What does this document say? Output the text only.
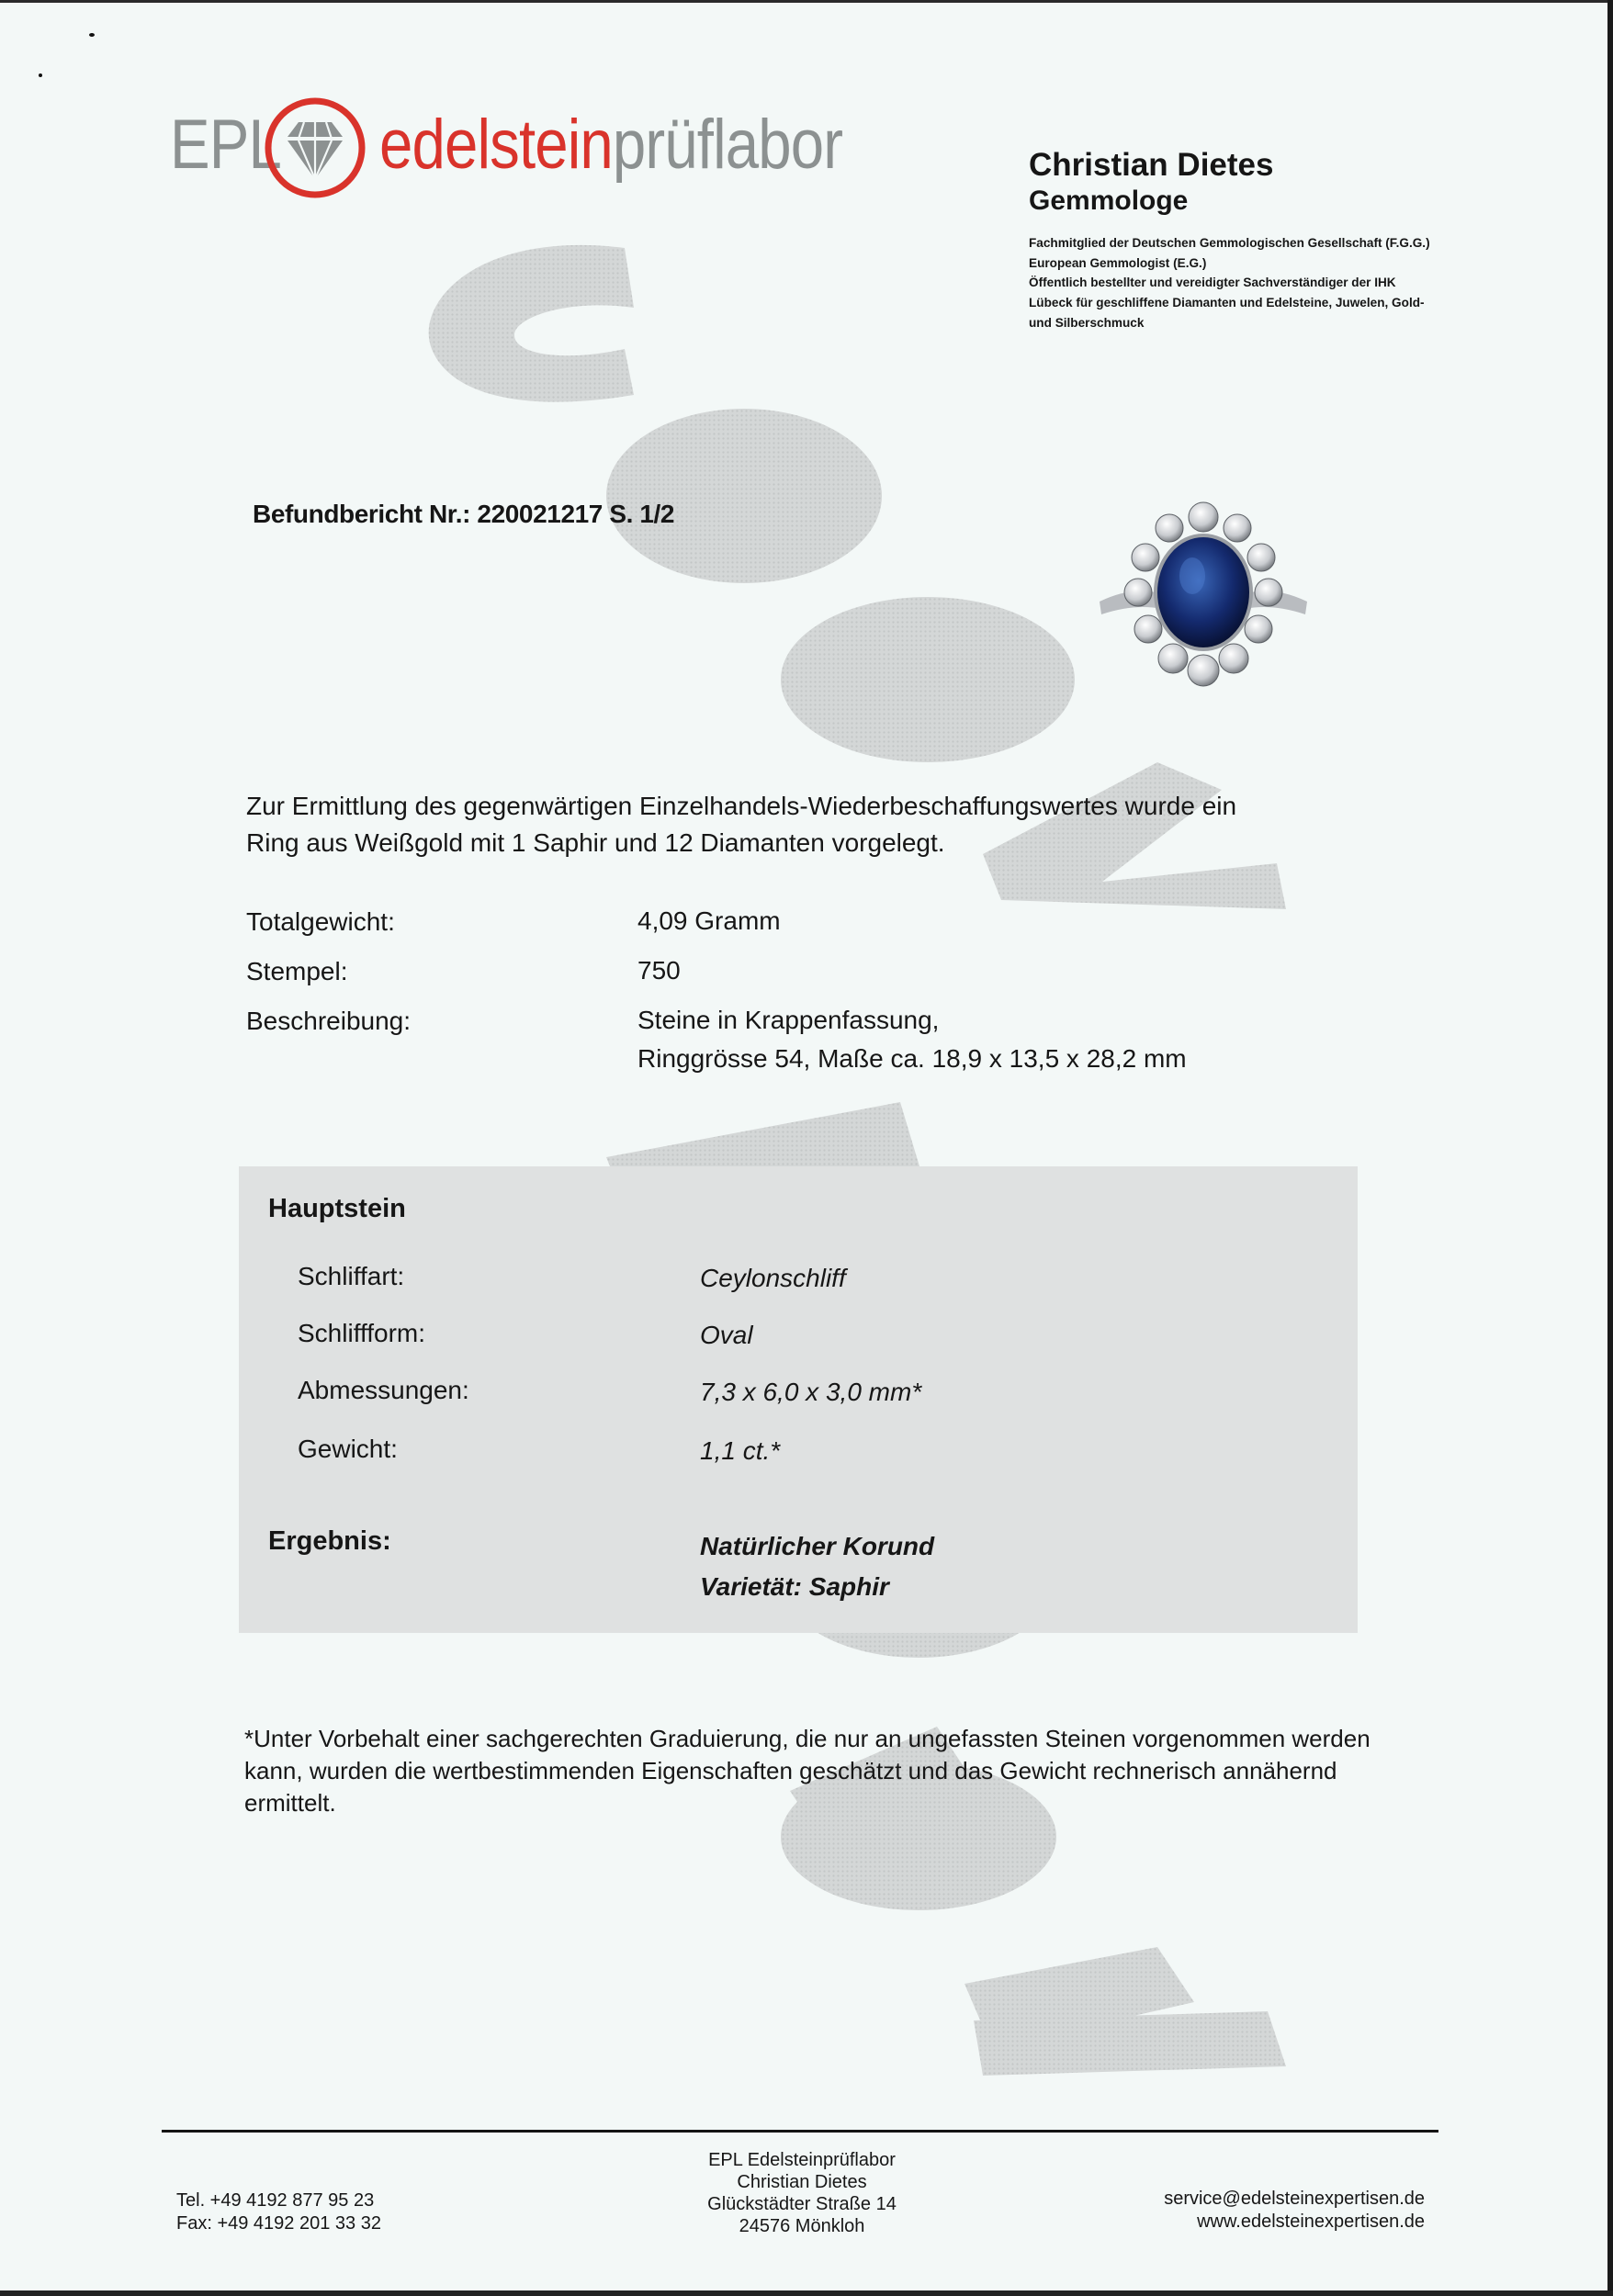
EPL edelsteinprüflabor	Christian Dietes
Gemmologe
Fachmitglied der Deutschen Gemmologischen Gesellschaft (F.G.G.)
European Gemmologist (E.G.)
Öffentlich bestellter und vereidigter Sachverständiger der IHK
Lübeck für geschliffene Diamanten und Edelsteine, Juwelen, Gold-
und Silberschmuck
Befundbericht Nr.: 220021217 S. 1/2
Zur Ermittlung des gegenwärtigen Einzelhandels-Wiederbeschaffungswertes wurde ein
Ring aus Weißgold mit 1 Saphir und 12 Diamanten vorgelegt.
Totalgewicht:	4,09 Gramm
Stempel:	750
Beschreibung:	Steine in Krappenfassung,
Ringgrösse 54, Maße ca. 18,9 x 13,5 x 28,2 mm
Hauptstein
Schliffart:	Ceylonschliff
Schliffform:	Oval
Abmessungen:	7,3 x 6,0 x 3,0 mm*
Gewicht:	1,1 ct.*
Ergebnis:	Natürlicher Korund
Varietät: Saphir
*Unter Vorbehalt einer sachgerechten Graduierung, die nur an ungefassten Steinen vorgenommen werden
kann, wurden die wertbestimmenden Eigenschaften geschätzt und das Gewicht rechnerisch annähernd
ermittelt.
Tel. +49 4192 877 95 23
Fax: +49 4192 201 33 32
EPL Edelsteinprüflabor
Christian Dietes
Glückstädter Straße 14
24576 Mönkloh
service@edelsteinexpertisen.de
www.edelsteinexpertisen.de
